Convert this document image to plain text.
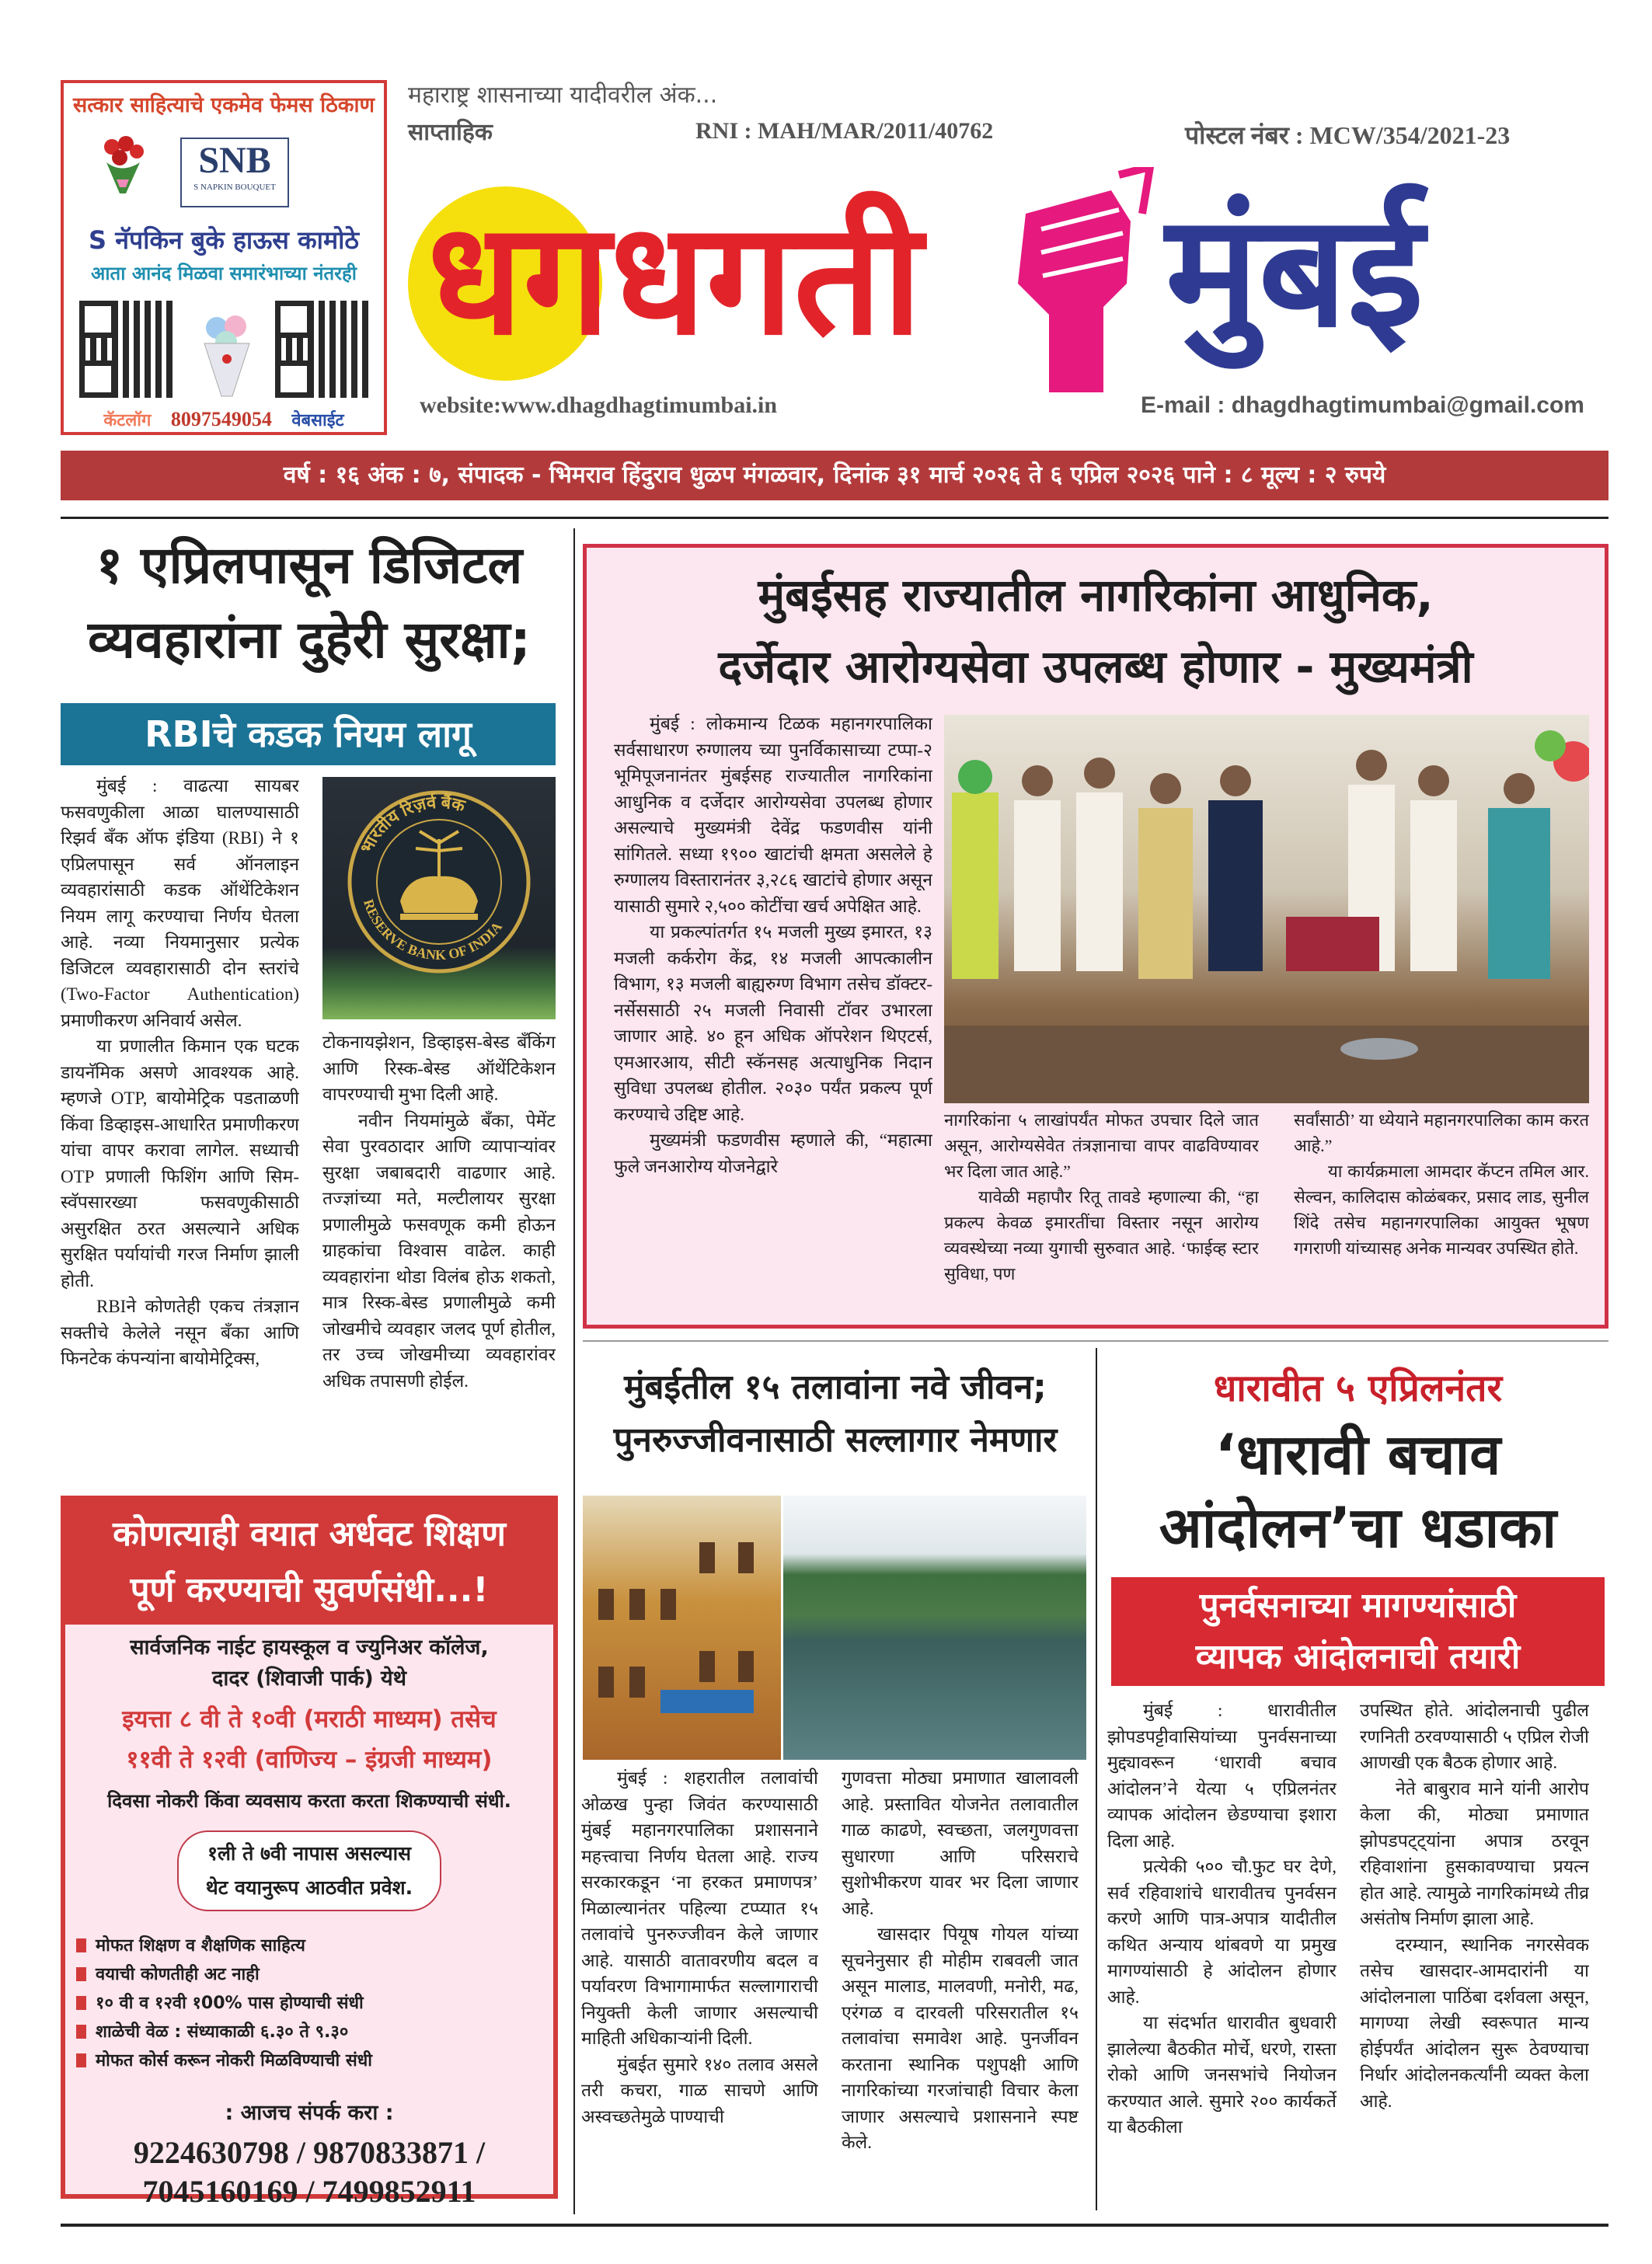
सत्कार साहित्याचे एकमेव फेमस ठिकाण
SNB
S NAPKIN BOUQUET
S नॅपकिन बुके हाऊस कामोठे
आता आनंद मिळवा समारंभाच्या नंतरही
कॅटलॉग 8097549054 वेबसाईट
महाराष्ट्र शासनाच्या यादीवरील अंक...
साप्ताहिक	RNI : MAH/MAR/2011/40762	पोस्टल नंबर : MCW/354/2021-23
धगधगती मुंबई
website:www.dhagdhagtimumbai.in	E-mail : dhagdhagtimumbai@gmail.com
वर्ष : १६ अंक : ७, संपादक - भिमराव हिंदुराव धुळप मंगळवार, दिनांक ३१ मार्च २०२६ ते ६ एप्रिल २०२६ पाने : ८ मूल्य : २ रुपये
१ एप्रिलपासून डिजिटल
व्यवहारांना दुहेरी सुरक्षा;
RBIचे कडक नियम लागू

मुंबई : वाढत्या सायबर फसवणुकीला आळा घालण्यासाठी रिझर्व बँक ऑफ इंडिया (RBI) ने १ एप्रिलपासून सर्व ऑनलाइन व्यवहारांसाठी कडक ऑथेंटिकेशन नियम लागू करण्याचा निर्णय घेतला आहे. नव्या नियमानुसार प्रत्येक डिजिटल व्यवहारासाठी दोन स्तरांचे (Two-Factor Authentication) प्रमाणीकरण अनिवार्य असेल.

या प्रणालीत किमान एक घटक डायनॅमिक असणे आवश्यक आहे. म्हणजे OTP, बायोमेट्रिक पडताळणी किंवा डिव्हाइस-आधारित प्रमाणीकरण यांचा वापर करावा लागेल. सध्याची OTP प्रणाली फिशिंग आणि सिम-स्वॅपसारख्या फसवणुकीसाठी असुरक्षित ठरत असल्याने अधिक सुरक्षित पर्यायांची गरज निर्माण झाली होती.

RBIने कोणतेही एकच तंत्रज्ञान सक्तीचे केलेले नसून बँका आणि फिनटेक कंपन्यांना बायोमेट्रिक्स,

भारतीय रिज़र्व बैंक
RESERVE BANK OF INDIA

टोकनायझेशन, डिव्हाइस-बेस्ड बँकिंग आणि रिस्क-बेस्ड ऑथेंटिकेशन वापरण्याची मुभा दिली आहे.

नवीन नियमांमुळे बँका, पेमेंट सेवा पुरवठादार आणि व्यापाऱ्यांवर सुरक्षा जबाबदारी वाढणार आहे. तज्ज्ञांच्या मते, मल्टीलायर सुरक्षा प्रणालीमुळे फसवणूक कमी होऊन ग्राहकांचा विश्वास वाढेल. काही व्यवहारांना थोडा विलंब होऊ शकतो, मात्र रिस्क-बेस्ड प्रणालीमुळे कमी जोखमीचे व्यवहार जलद पूर्ण होतील, तर उच्च जोखमीच्या व्यवहारांवर अधिक तपासणी होईल.

कोणत्याही वयात अर्धवट शिक्षण
पूर्ण करण्याची सुवर्णसंधी...!
सार्वजनिक नाईट हायस्कूल व ज्युनिअर कॉलेज,
दादर (शिवाजी पार्क) येथे
इयत्ता ८ वी ते १०वी (मराठी माध्यम) तसेच
११वी ते १२वी (वाणिज्य – इंग्रजी माध्यम)
दिवसा नोकरी किंवा व्यवसाय करता करता शिकण्याची संधी.
१ली ते ७वी नापास असल्यास
थेट वयानुरूप आठवीत प्रवेश.
मोफत शिक्षण व शैक्षणिक साहित्य
वयाची कोणतीही अट नाही
१० वी व १२वी १00% पास होण्याची संधी
शाळेची वेळ : संध्याकाळी ६.३० ते ९.३०
मोफत कोर्स करून नोकरी मिळविण्याची संधी
: आजच संपर्क करा :
9224630798 / 9870833871 /
7045160169 / 7499852911
मुंबईसह राज्यातील नागरिकांना आधुनिक,
दर्जेदार आरोग्यसेवा उपलब्ध होणार - मुख्यमंत्री

मुंबई : लोकमान्य टिळक महानगरपालिका सर्वसाधारण रुग्णालय च्या पुनर्विकासाच्या टप्पा-२ भूमिपूजनानंतर मुंबईसह राज्यातील नागरिकांना आधुनिक व दर्जेदार आरोग्यसेवा उपलब्ध होणार असल्याचे मुख्यमंत्री देवेंद्र फडणवीस यांनी सांगितले. सध्या १९०० खाटांची क्षमता असलेले हे रुग्णालय विस्तारानंतर ३,२८६ खाटांचे होणार असून यासाठी सुमारे २,५०० कोटींचा खर्च अपेक्षित आहे.

या प्रकल्पांतर्गत १५ मजली मुख्य इमारत, १३ मजली कर्करोग केंद्र, १४ मजली आपत्कालीन विभाग, १३ मजली बाह्यरुग्ण विभाग तसेच डॉक्टर-नर्सेससाठी २५ मजली निवासी टॉवर उभारला जाणार आहे. ४० हून अधिक ऑपरेशन थिएटर्स, एमआरआय, सीटी स्कॅनसह अत्याधुनिक निदान सुविधा उपलब्ध होतील. २०३० पर्यंत प्रकल्प पूर्ण करण्याचे उद्दिष्ट आहे.

मुख्यमंत्री फडणवीस म्हणाले की, “महात्मा फुले जनआरोग्य योजनेद्वारे

नागरिकांना ५ लाखांपर्यंत मोफत उपचार दिले जात असून, आरोग्यसेवेत तंत्रज्ञानाचा वापर वाढविण्यावर भर दिला जात आहे.”

यावेळी महापौर रितू तावडे म्हणाल्या की, “हा प्रकल्प केवळ इमारतींचा विस्तार नसून आरोग्य व्यवस्थेच्या नव्या युगाची सुरुवात आहे. ‘फाईव्ह स्टार सुविधा, पण

सर्वांसाठी’ या ध्येयाने महानगरपालिका काम करत आहे.”

या कार्यक्रमाला आमदार कॅप्टन तमिल आर. सेल्वन, कालिदास कोळंबकर, प्रसाद लाड, सुनील शिंदे तसेच महानगरपालिका आयुक्त भूषण गगराणी यांच्यासह अनेक मान्यवर उपस्थित होते.

मुंबईतील १५ तलावांना नवे जीवन;
पुनरुज्जीवनासाठी सल्लागार नेमणार

मुंबई : शहरातील तलावांची ओळख पुन्हा जिवंत करण्यासाठी मुंबई महानगरपालिका प्रशासनाने महत्त्वाचा निर्णय घेतला आहे. राज्य सरकारकडून ‘ना हरकत प्रमाणपत्र’ मिळाल्यानंतर पहिल्या टप्प्यात १५ तलावांचे पुनरुज्जीवन केले जाणार आहे. यासाठी वातावरणीय बदल व पर्यावरण विभागामार्फत सल्लागाराची नियुक्ती केली जाणार असल्याची माहिती अधिकाऱ्यांनी दिली.

मुंबईत सुमारे १४० तलाव असले तरी कचरा, गाळ साचणे आणि अस्वच्छतेमुळे पाण्याची

गुणवत्ता मोठ्या प्रमाणात खालावली आहे. प्रस्तावित योजनेत तलावातील गाळ काढणे, स्वच्छता, जलगुणवत्ता सुधारणा आणि परिसराचे सुशोभीकरण यावर भर दिला जाणार आहे.

खासदार पियूष गोयल यांच्या सूचनेनुसार ही मोहीम राबवली जात असून मालाड, मालवणी, मनोरी, मढ, एरंगळ व दारवली परिसरातील १५ तलावांचा समावेश आहे. पुनर्जीवन करताना स्थानिक पशुपक्षी आणि नागरिकांच्या गरजांचाही विचार केला जाणार असल्याचे प्रशासनाने स्पष्ट केले.

धारावीत ५ एप्रिलनंतर
‘धारावी बचाव
आंदोलन’चा धडाका
पुनर्वसनाच्या मागण्यांसाठी
व्यापक आंदोलनाची तयारी

मुंबई : धारावीतील झोपडपट्टीवासियांच्या पुनर्वसनाच्या मुद्द्यावरून ‘धारावी बचाव आंदोलन’ने येत्या ५ एप्रिलनंतर व्यापक आंदोलन छेडण्याचा इशारा दिला आहे.

प्रत्येकी ५०० चौ.फुट घर देणे, सर्व रहिवाशांचे धारावीतच पुनर्वसन करणे आणि पात्र-अपात्र यादीतील कथित अन्याय थांबवणे या प्रमुख मागण्यांसाठी हे आंदोलन होणार आहे.

या संदर्भात धारावीत बुधवारी झालेल्या बैठकीत मोर्चे, धरणे, रास्ता रोको आणि जनसभांचे नियोजन करण्यात आले. सुमारे २०० कार्यकर्ते या बैठकीला

उपस्थित होते. आंदोलनाची पुढील रणनिती ठरवण्यासाठी ५ एप्रिल रोजी आणखी एक बैठक होणार आहे.

नेते बाबुराव माने यांनी आरोप केला की, मोठ्या प्रमाणात झोपडपट्ट्यांना अपात्र ठरवून रहिवाशांना हुसकावण्याचा प्रयत्न होत आहे. त्यामुळे नागरिकांमध्ये तीव्र असंतोष निर्माण झाला आहे.

दरम्यान, स्थानिक नगरसेवक तसेच खासदार-आमदारांनी या आंदोलनाला पाठिंबा दर्शवला असून, मागण्या लेखी स्वरूपात मान्य होईपर्यंत आंदोलन सुरू ठेवण्याचा निर्धार आंदोलनकर्त्यांनी व्यक्त केला आहे.
